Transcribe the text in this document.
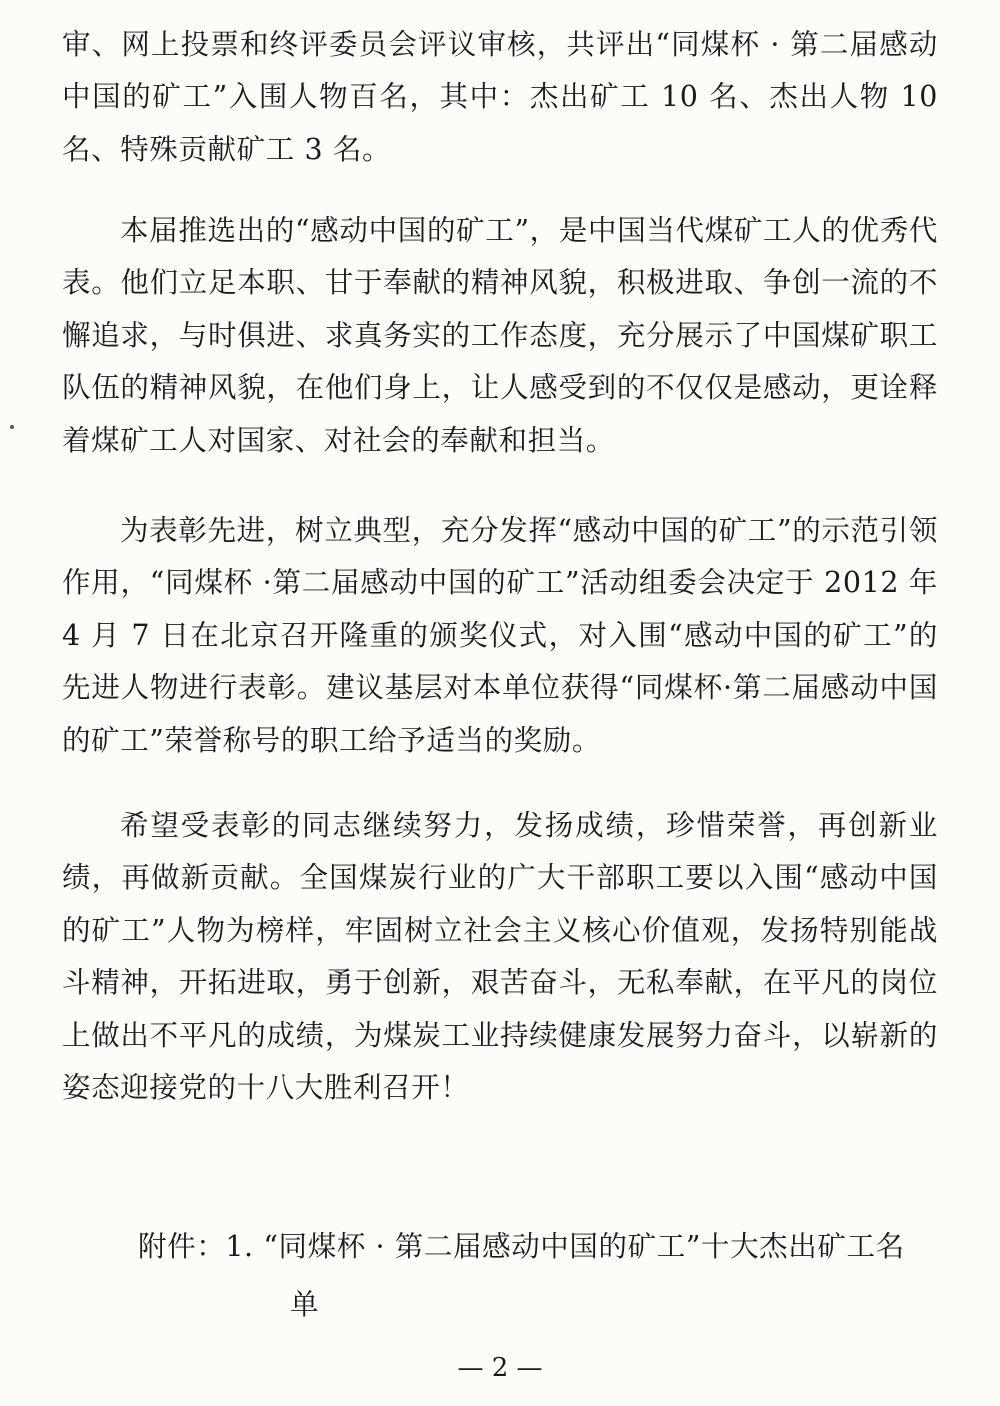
审、网上投票和终评委员会评议审核，共评出“同煤杯 · 第二届感动中国的矿工”入围人物百名，其中：杰出矿工 10 名、杰出人物 10 名、特殊贡献矿工 3 名。

本届推选出的“感动中国的矿工”，是中国当代煤矿工人的优秀代表。他们立足本职、甘于奉献的精神风貌，积极进取、争创一流的不懈追求，与时俱进、求真务实的工作态度，充分展示了中国煤矿职工队伍的精神风貌，在他们身上，让人感受到的不仅仅是感动，更诠释着煤矿工人对国家、对社会的奉献和担当。

为表彰先进，树立典型，充分发挥“感动中国的矿工”的示范引领作用，“同煤杯 ·第二届感动中国的矿工”活动组委会决定于 2012 年 4 月 7 日在北京召开隆重的颁奖仪式，对入围“感动中国的矿工”的先进人物进行表彰。建议基层对本单位获得“同煤杯·第二届感动中国的矿工”荣誉称号的职工给予适当的奖励。

希望受表彰的同志继续努力，发扬成绩，珍惜荣誉，再创新业绩，再做新贡献。全国煤炭行业的广大干部职工要以入围“感动中国的矿工”人物为榜样，牢固树立社会主义核心价值观，发扬特别能战斗精神，开拓进取，勇于创新，艰苦奋斗，无私奉献，在平凡的岗位上做出不平凡的成绩，为煤炭工业持续健康发展努力奋斗，以崭新的姿态迎接党的十八大胜利召开！

附件：1. “同煤杯 · 第二届感动中国的矿工”十大杰出矿工名
单
— 2 —
